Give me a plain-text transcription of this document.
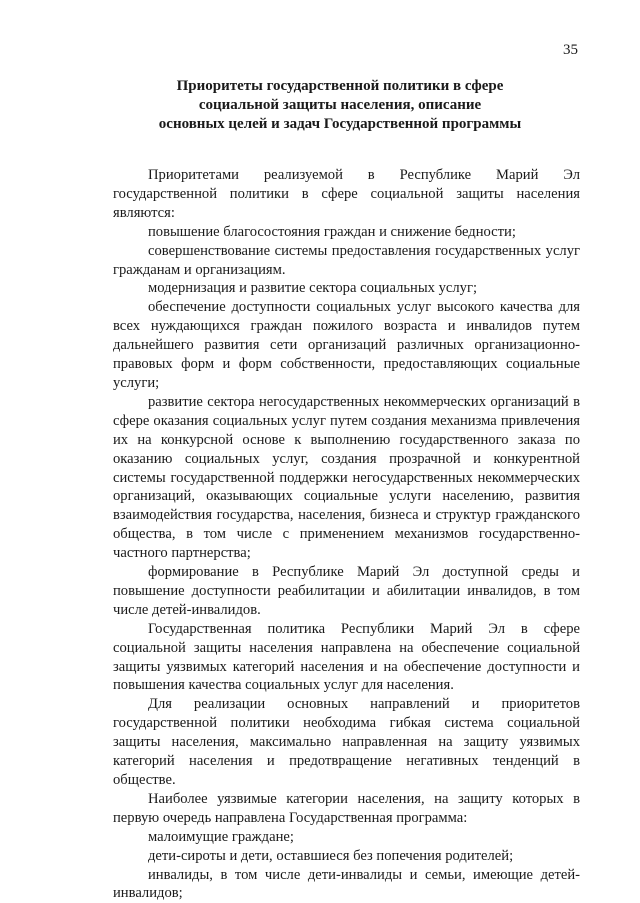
35
Приоритеты государственной политики в сфере
социальной защиты населения, описание
основных целей и задач Государственной программы

Приоритетами реализуемой в Республике Марий Эл государственной политики в сфере социальной защиты населения являются:

повышение благосостояния граждан и снижение бедности;

совершенствование системы предоставления государственных услуг гражданам и организациям.

модернизация и развитие сектора социальных услуг;

обеспечение доступности социальных услуг высокого качества для всех нуждающихся граждан пожилого возраста и инвалидов путем дальнейшего развития сети организаций различных организационно-правовых форм и форм собственности, предоставляющих социальные услуги;

развитие сектора негосударственных некоммерческих организаций в сфере оказания социальных услуг путем создания механизма привлечения их на конкурсной основе к выполнению государственного заказа по оказанию социальных услуг, создания прозрачной и конкурентной системы государственной поддержки негосударственных некоммерческих организаций, оказывающих социальные услуги населению, развития взаимодействия государства, населения, бизнеса и структур гражданского общества, в том числе с применением механизмов государственно-частного партнерства;

формирование в Республике Марий Эл доступной среды и повышение доступности реабилитации и абилитации инвалидов, в том числе детей-инвалидов.

Государственная политика Республики Марий Эл в сфере социальной защиты населения направлена на обеспечение социальной защиты уязвимых категорий населения и на обеспечение доступности и повышения качества социальных услуг для населения.

Для реализации основных направлений и приоритетов государственной политики необходима гибкая система социальной защиты населения, максимально направленная на защиту уязвимых категорий населения и предотвращение негативных тенденций в обществе.

Наиболее уязвимые категории населения, на защиту которых в первую очередь направлена Государственная программа:

малоимущие граждане;

дети-сироты и дети, оставшиеся без попечения родителей;

инвалиды, в том числе дети-инвалиды и семьи, имеющие детей-инвалидов;
